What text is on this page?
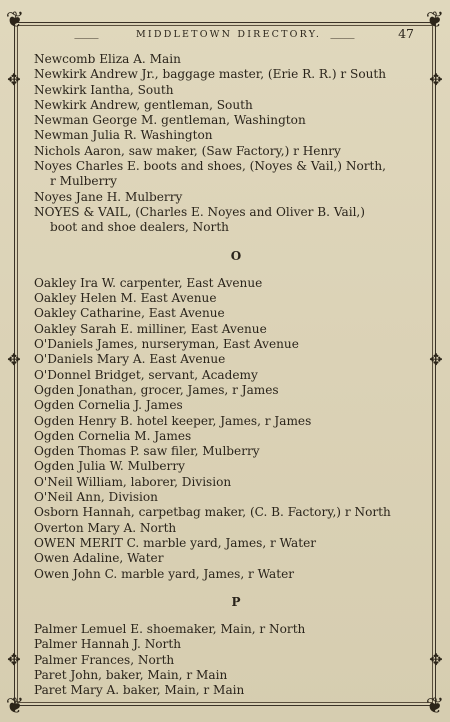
❦	❦
❦	❦
✥	✥
✥	✥
✥	✥
⸻	MIDDLETOWN DIRECTORY. ⸻	47
Newcomb Eliza A. Main
Newkirk Andrew Jr., baggage master, (Erie R. R.) r South
Newkirk Iantha, South
Newkirk Andrew, gentleman, South
Newman George M. gentleman, Washington
Newman Julia R. Washington
Nichols Aaron, saw maker, (Saw Factory,) r Henry
Noyes Charles E. boots and shoes, (Noyes & Vail,) North,
r Mulberry
Noyes Jane H. Mulberry
NOYES & VAIL, (Charles E. Noyes and Oliver B. Vail,)
boot and shoe dealers, North
O
Oakley Ira W. carpenter, East Avenue
Oakley Helen M. East Avenue
Oakley Catharine, East Avenue
Oakley Sarah E. milliner, East Avenue
O'Daniels James, nurseryman, East Avenue
O'Daniels Mary A. East Avenue
O'Donnel Bridget, servant, Academy
Ogden Jonathan, grocer, James, r James
Ogden Cornelia J. James
Ogden Henry B. hotel keeper, James, r James
Ogden Cornelia M. James
Ogden Thomas P. saw filer, Mulberry
Ogden Julia W. Mulberry
O'Neil William, laborer, Division
O'Neil Ann, Division
Osborn Hannah, carpetbag maker, (C. B. Factory,) r North
Overton Mary A. North
OWEN MERIT C. marble yard, James, r Water
Owen Adaline, Water
Owen John C. marble yard, James, r Water
P
Palmer Lemuel E. shoemaker, Main, r North
Palmer Hannah J. North
Palmer Frances, North
Paret John, baker, Main, r Main
Paret Mary A. baker, Main, r Main
